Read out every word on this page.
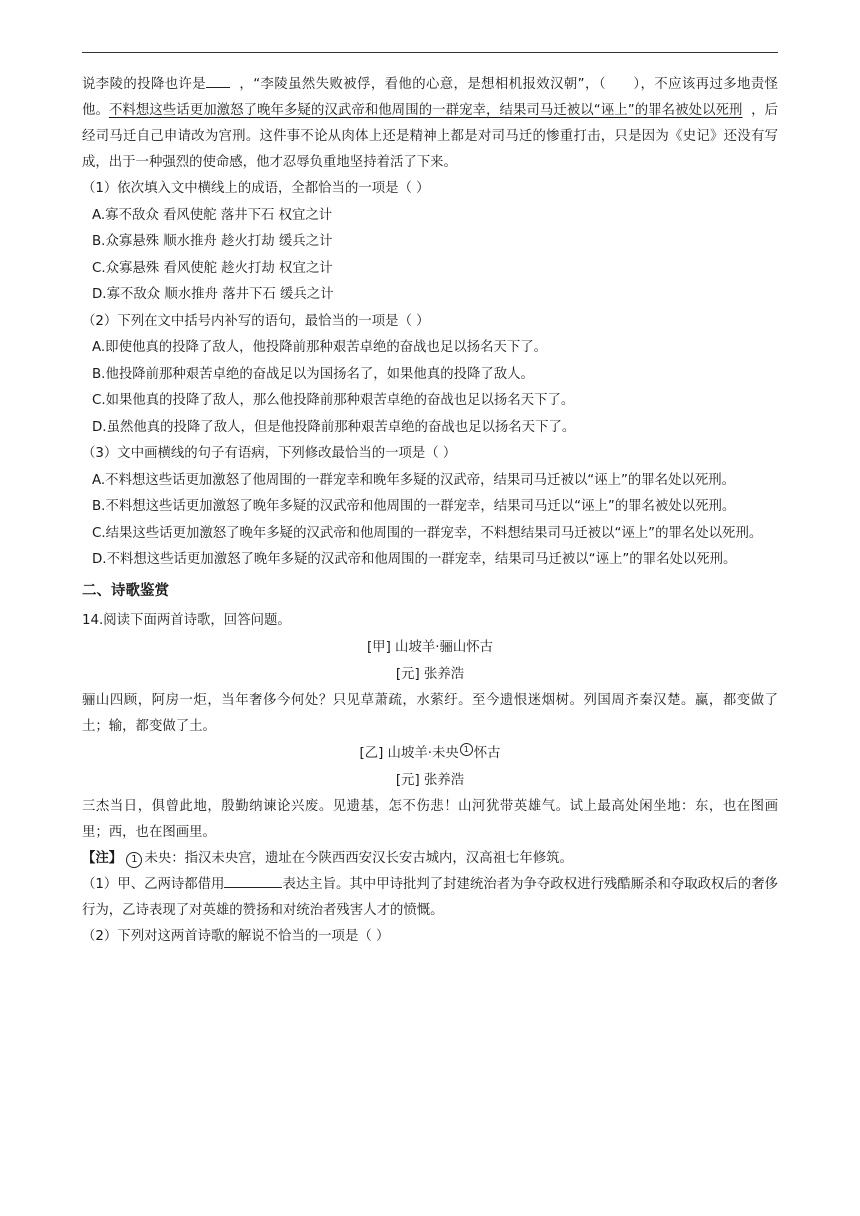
说李陵的投降也许是 ，“李陵虽然失败被俘，看他的心意，是想相机报效汉朝”，（　　），不应该再过多地责怪他。不料想这些话更加激怒了晚年多疑的汉武帝和他周围的一群宠幸，结果司马迁被以“诬上”的罪名被处以死刑 ，后经司马迁自己申请改为宫刑。这件事不论从肉体上还是精神上都是对司马迁的惨重打击，只是因为《史记》还没有写成，出于一种强烈的使命感，他才忍辱负重地坚持着活了下来。

（1）依次填入文中横线上的成语，全都恰当的一项是（ ）

A.寡不敌众 看风使舵 落井下石 权宜之计

B.众寡悬殊 顺水推舟 趁火打劫 缓兵之计

C.众寡悬殊 看风使舵 趁火打劫 权宜之计

D.寡不敌众 顺水推舟 落井下石 缓兵之计

（2）下列在文中括号内补写的语句，最恰当的一项是（ ）

A.即使他真的投降了敌人，他投降前那种艰苦卓绝的奋战也足以扬名天下了。

B.他投降前那种艰苦卓绝的奋战足以为国扬名了，如果他真的投降了敌人。

C.如果他真的投降了敌人，那么他投降前那种艰苦卓绝的奋战也足以扬名天下了。

D.虽然他真的投降了敌人，但是他投降前那种艰苦卓绝的奋战也足以扬名天下了。

（3）文中画横线的句子有语病，下列修改最恰当的一项是（ ）

A.不料想这些话更加激怒了他周围的一群宠幸和晚年多疑的汉武帝，结果司马迁被以“诬上”的罪名处以死刑。

B.不料想这些话更加激怒了晚年多疑的汉武帝和他周围的一群宠幸，结果司马迁以“诬上”的罪名被处以死刑。

C.结果这些话更加激怒了晚年多疑的汉武帝和他周围的一群宠幸，不料想结果司马迁被以“诬上”的罪名处以死刑。

D.不料想这些话更加激怒了晚年多疑的汉武帝和他周围的一群宠幸，结果司马迁被以“诬上”的罪名处以死刑。

二、诗歌鉴赏

14.阅读下面两首诗歌，回答问题。

[甲] 山坡羊·骊山怀古

[元] 张养浩

骊山四顾，阿房一炬，当年奢侈今何处？只见草萧疏，水萦纡。至今遗恨迷烟树。列国周齐秦汉楚。赢，都变做了土；输，都变做了土。

[乙] 山坡羊·未央 1 怀古

[元] 张养浩

三杰当日，俱曾此地，殷勤纳谏论兴废。见遗基，怎不伤悲！山河犹带英雄气。试上最高处闲坐地：东，也在图画里；西，也在图画里。

【注】 1 未央：指汉未央宫，遗址在今陕西西安汉长安古城内，汉高祖七年修筑。

（1）甲、乙两诗都借用	表达主旨。其中甲诗批判了封建统治者为争夺政权进行残酷厮杀和夺取政权后的奢侈行为，乙诗表现了对英雄的赞扬和对统治者残害人才的愤慨。

（2）下列对这两首诗歌的解说不恰当的一项是（ ）
